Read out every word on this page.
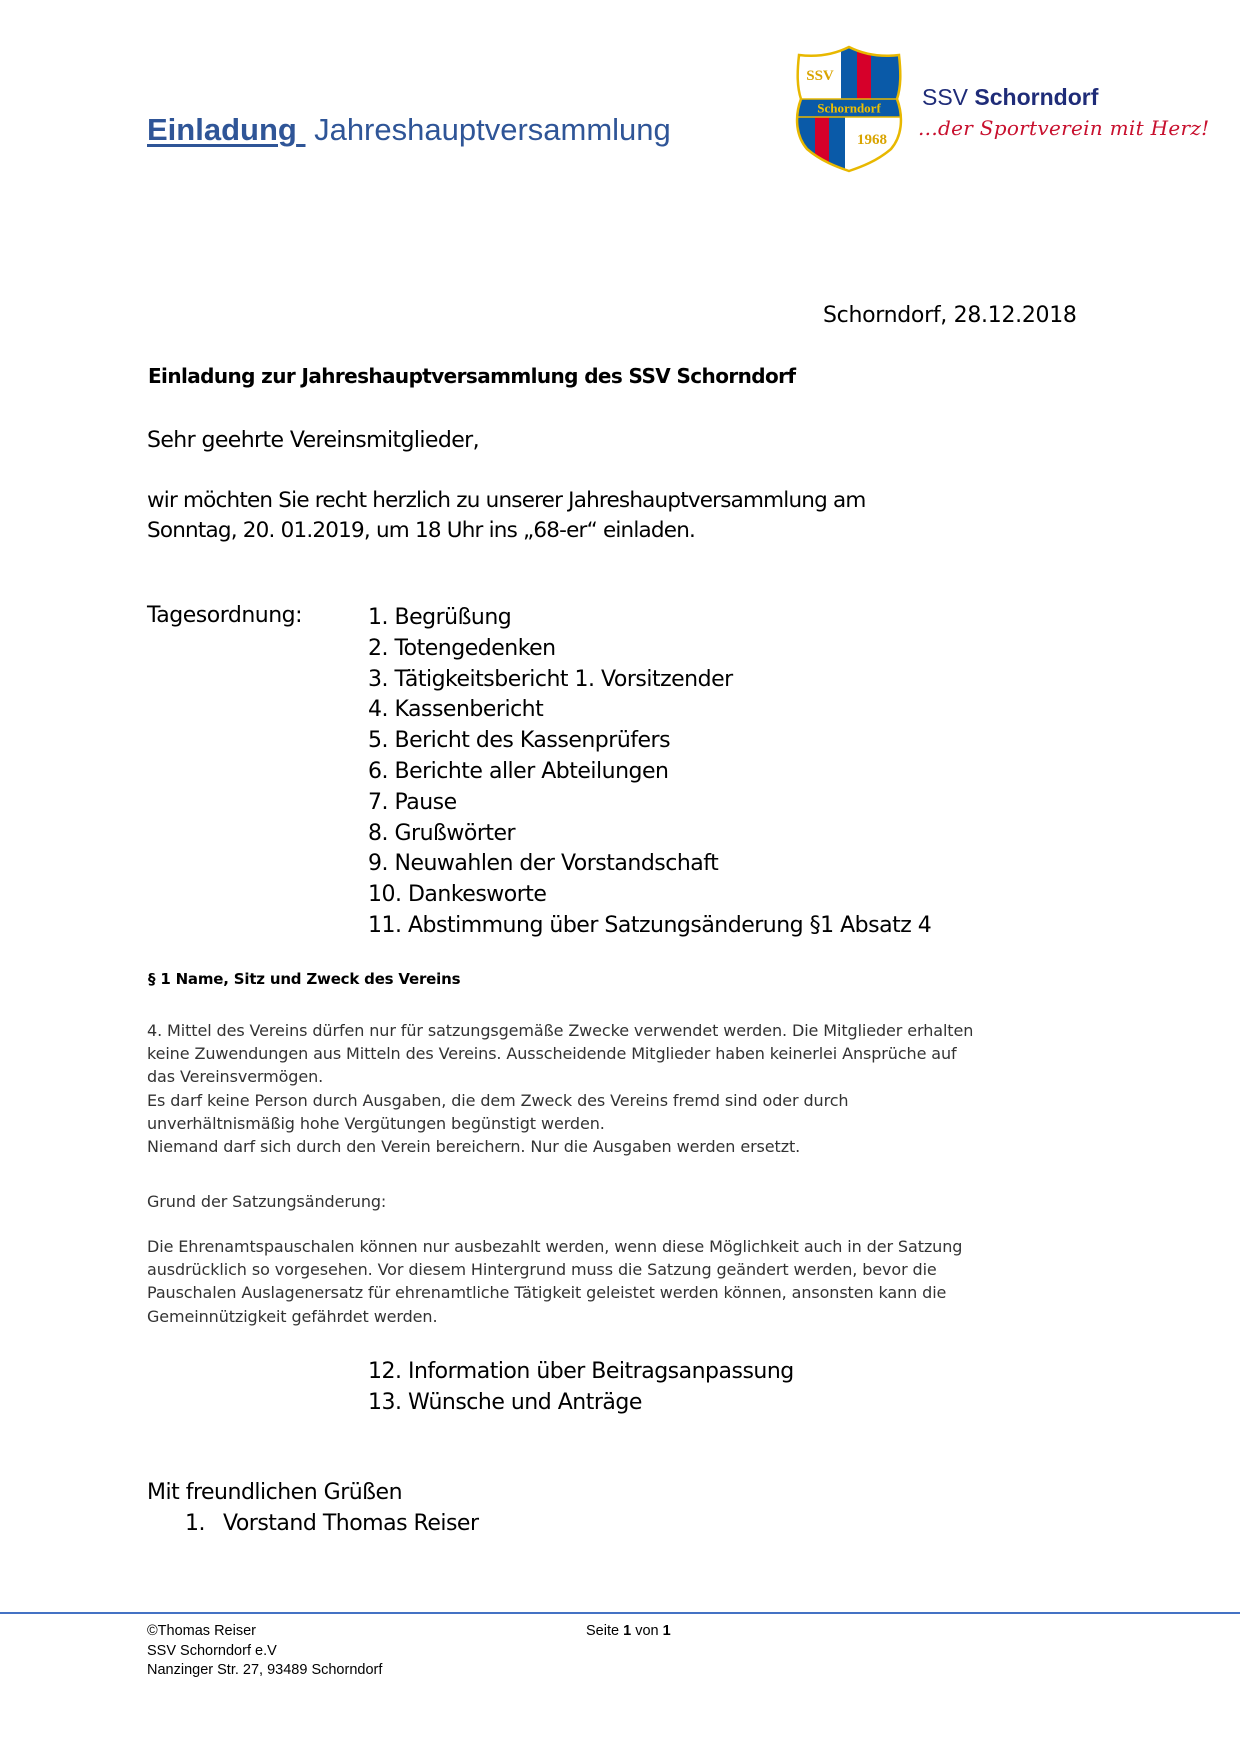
Einladung Jahreshauptversammlung
SSV
Schorndorf
1968
SSV Schorndorf
...der Sportverein mit Herz!
Schorndorf, 28.12.2018
Einladung zur Jahreshauptversammlung des SSV Schorndorf
Sehr geehrte Vereinsmitglieder,
wir möchten Sie recht herzlich zu unserer Jahreshauptversammlung am
Sonntag, 20. 01.2019, um 18 Uhr ins „68-er“ einladen.
Tagesordnung:	1. Begrüßung
2. Totengedenken
3. Tätigkeitsbericht 1. Vorsitzender
4. Kassenbericht
5. Bericht des Kassenprüfers
6. Berichte aller Abteilungen
7. Pause
8. Grußwörter
9. Neuwahlen der Vorstandschaft
10. Dankesworte
11. Abstimmung über Satzungsänderung §1 Absatz 4
§ 1 Name, Sitz und Zweck des Vereins
4. Mittel des Vereins dürfen nur für satzungsgemäße Zwecke verwendet werden. Die Mitglieder erhalten
keine Zuwendungen aus Mitteln des Vereins. Ausscheidende Mitglieder haben keinerlei Ansprüche auf
das Vereinsvermögen.
Es darf keine Person durch Ausgaben, die dem Zweck des Vereins fremd sind oder durch
unverhältnismäßig hohe Vergütungen begünstigt werden.
Niemand darf sich durch den Verein bereichern. Nur die Ausgaben werden ersetzt.
Grund der Satzungsänderung:
Die Ehrenamtspauschalen können nur ausbezahlt werden, wenn diese Möglichkeit auch in der Satzung
ausdrücklich so vorgesehen. Vor diesem Hintergrund muss die Satzung geändert werden, bevor die
Pauschalen Auslagenersatz für ehrenamtliche Tätigkeit geleistet werden können, ansonsten kann die
Gemeinnützigkeit gefährdet werden.
12. Information über Beitragsanpassung
13. Wünsche und Anträge
Mit freundlichen Grüßen
1. Vorstand Thomas Reiser
©Thomas Reiser
SSV Schorndorf e.V
Nanzinger Str. 27, 93489 Schorndorf
Seite 1 von 1
